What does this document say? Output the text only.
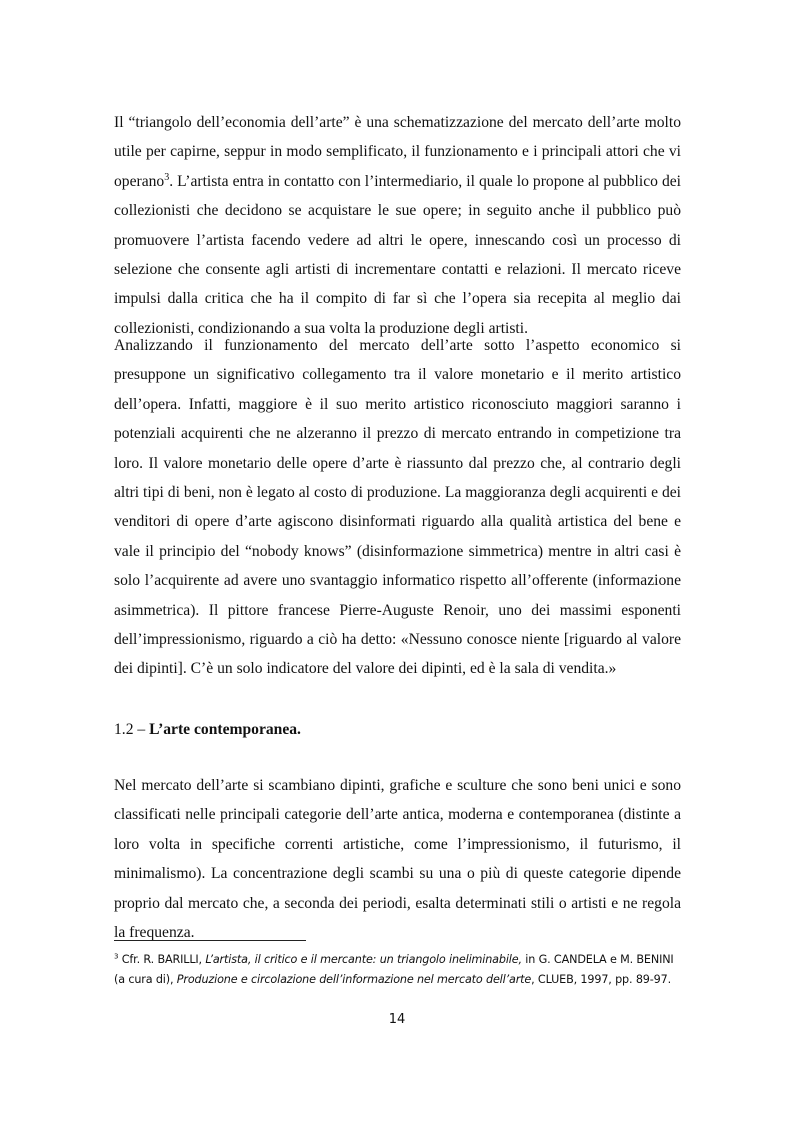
Il “triangolo dell’economia dell’arte” è una schematizzazione del mercato dell’arte molto utile per capirne, seppur in modo semplificato, il funzionamento e i principali attori che vi operano$^3$. L’artista entra in contatto con l’intermediario, il quale lo propone al pubblico dei collezionisti che decidono se acquistare le sue opere; in seguito anche il pubblico può promuovere l’artista facendo vedere ad altri le opere, innescando così un processo di selezione che consente agli artisti di incrementare contatti e relazioni. Il mercato riceve impulsi dalla critica che ha il compito di far sì che l’opera sia recepita al meglio dai collezionisti, condizionando a sua volta la produzione degli artisti.

Analizzando il funzionamento del mercato dell’arte sotto l’aspetto economico si presuppone un significativo collegamento tra il valore monetario e il merito artistico dell’opera. Infatti, maggiore è il suo merito artistico riconosciuto maggiori saranno i potenziali acquirenti che ne alzeranno il prezzo di mercato entrando in competizione tra loro. Il valore monetario delle opere d’arte è riassunto dal prezzo che, al contrario degli altri tipi di beni, non è legato al costo di produzione. La maggioranza degli acquirenti e dei venditori di opere d’arte agiscono disinformati riguardo alla qualità artistica del bene e vale il principio del “nobody knows” (disinformazione simmetrica) mentre in altri casi è solo l’acquirente ad avere uno svantaggio informatico rispetto all’offerente (informazione asimmetrica). Il pittore francese Pierre-Auguste Renoir, uno dei massimi esponenti dell’impressionismo, riguardo a ciò ha detto: «Nessuno conosce niente [riguardo al valore dei dipinti]. C’è un solo indicatore del valore dei dipinti, ed è la sala di vendita.»

1.2 – L’arte contemporanea.

Nel mercato dell’arte si scambiano dipinti, grafiche e sculture che sono beni unici e sono classificati nelle principali categorie dell’arte antica, moderna e contemporanea (distinte a loro volta in specifiche correnti artistiche, come l’impressionismo, il futurismo, il minimalismo). La concentrazione degli scambi su una o più di queste categorie dipende proprio dal mercato che, a seconda dei periodi, esalta determinati stili o artisti e ne regola la frequenza.

$^3$ Cfr. R. BARILLI, L’artista, il critico e il mercante: un triangolo ineliminabile, in G. CANDELA e M. BENINI (a cura di), Produzione e circolazione dell’informazione nel mercato dell’arte, CLUEB, 1997, pp. 89-97.

14
